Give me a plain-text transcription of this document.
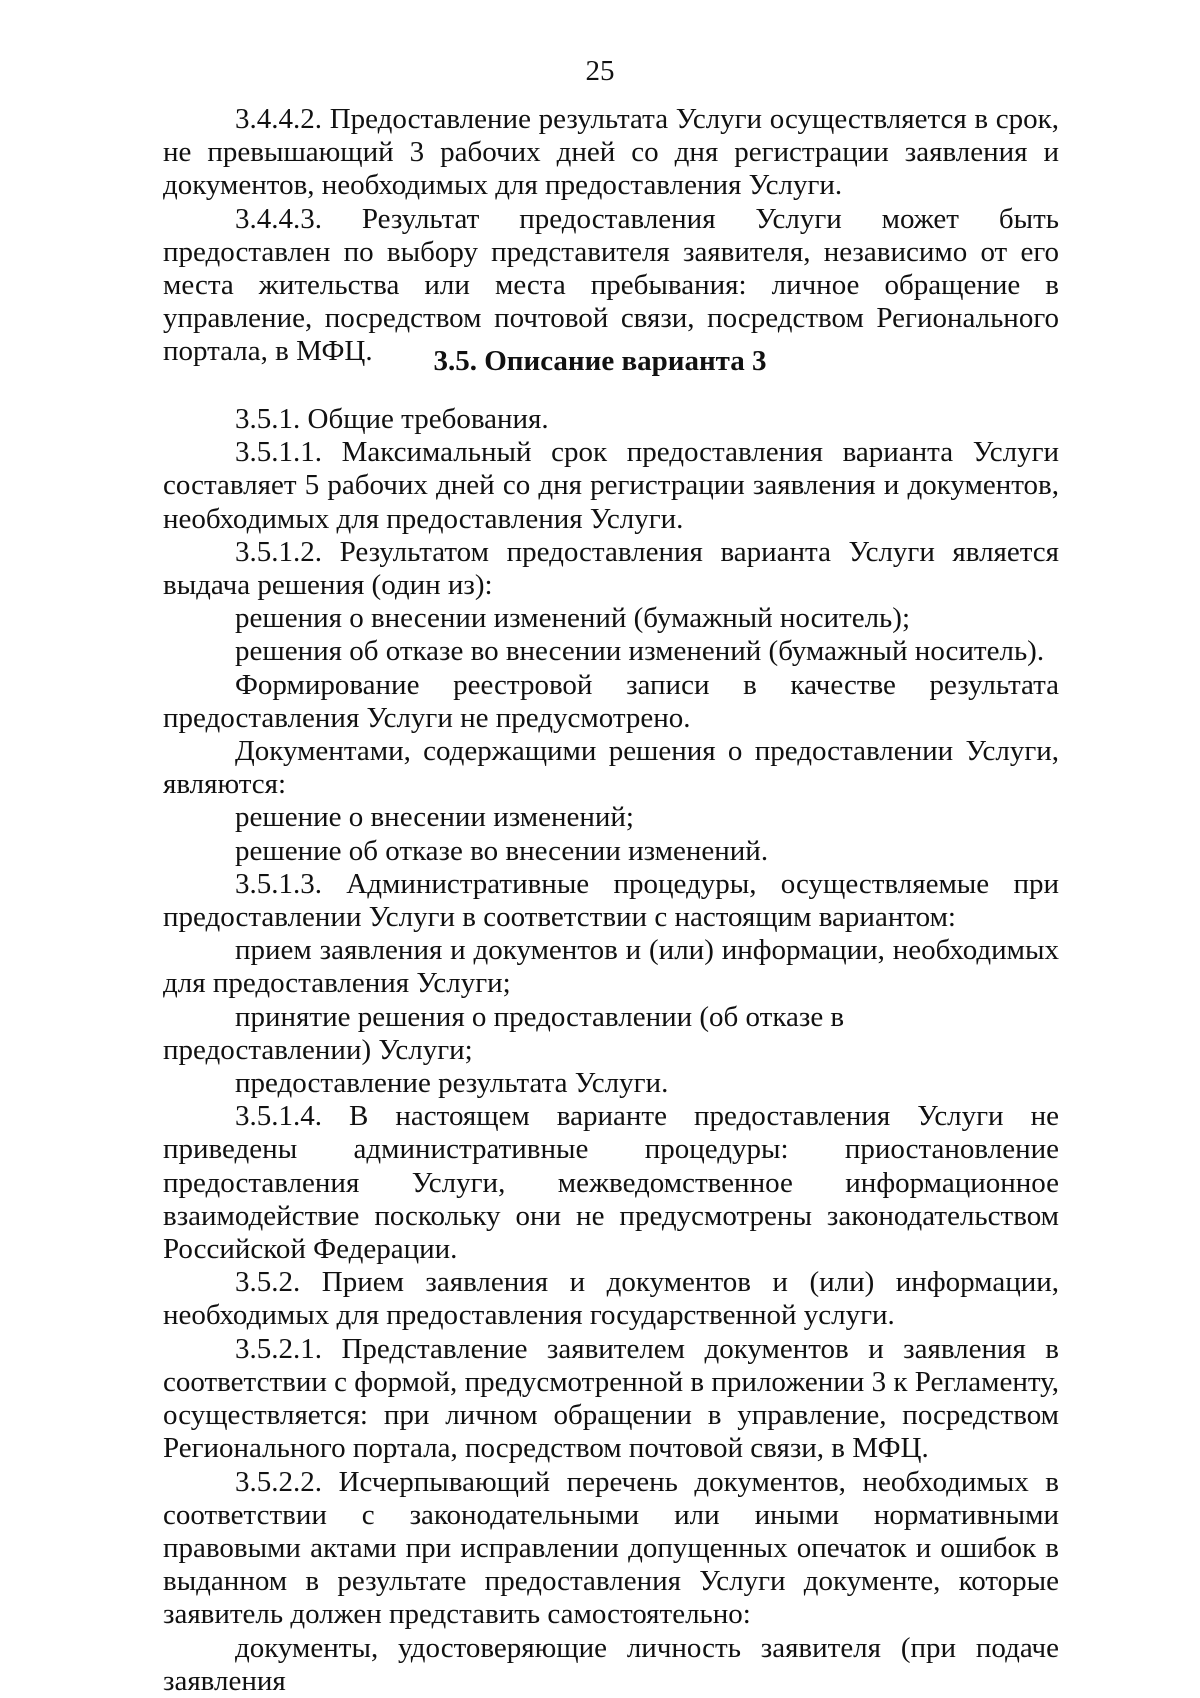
25

3.4.4.2. Предоставление результата Услуги осуществляется в срок, не превышающий 3 рабочих дней со дня регистрации заявления и документов, необходимых для предоставления Услуги.

3.4.4.3. Результат предоставления Услуги может быть предоставлен по выбору представителя заявителя, независимо от его места жительства или места пребывания: личное обращение в управление, посредством почтовой связи, посредством Регионального портала, в МФЦ.	3.5. Описание варианта 3

3.5.1. Общие требования.

3.5.1.1. Максимальный срок предоставления варианта Услуги составляет 5 рабочих дней со дня регистрации заявления и документов, необходимых для предоставления Услуги.

3.5.1.2. Результатом предоставления варианта Услуги является выдача решения (один из):

решения о внесении изменений (бумажный носитель);

решения об отказе во внесении изменений (бумажный носитель).

Формирование реестровой записи в качестве результата предоставления Услуги не предусмотрено.

Документами, содержащими решения о предоставлении Услуги, являются:

решение о внесении изменений;

решение об отказе во внесении изменений.

3.5.1.3. Административные процедуры, осуществляемые при предоставлении Услуги в соответствии с настоящим вариантом:

прием заявления и документов и (или) информации, необходимых для предоставления Услуги;

принятие решения о предоставлении (об отказе в предоставлении) Услуги;

предоставление результата Услуги.

3.5.1.4. В настоящем варианте предоставления Услуги не приведены административные процедуры: приостановление предоставления Услуги, межведомственное информационное взаимодействие поскольку они не предусмотрены законодательством Российской Федерации.

3.5.2. Прием заявления и документов и (или) информации, необходимых для предоставления государственной услуги.

3.5.2.1. Представление заявителем документов и заявления в соответствии с формой, предусмотренной в приложении 3 к Регламенту, осуществляется: при личном обращении в управление, посредством Регионального портала, посредством почтовой связи, в МФЦ.

3.5.2.2. Исчерпывающий перечень документов, необходимых в соответствии с законодательными или иными нормативными правовыми актами при исправлении допущенных опечаток и ошибок в выданном в результате предоставления Услуги документе, которые заявитель должен представить самостоятельно:

документы, удостоверяющие личность заявителя (при подаче заявления
